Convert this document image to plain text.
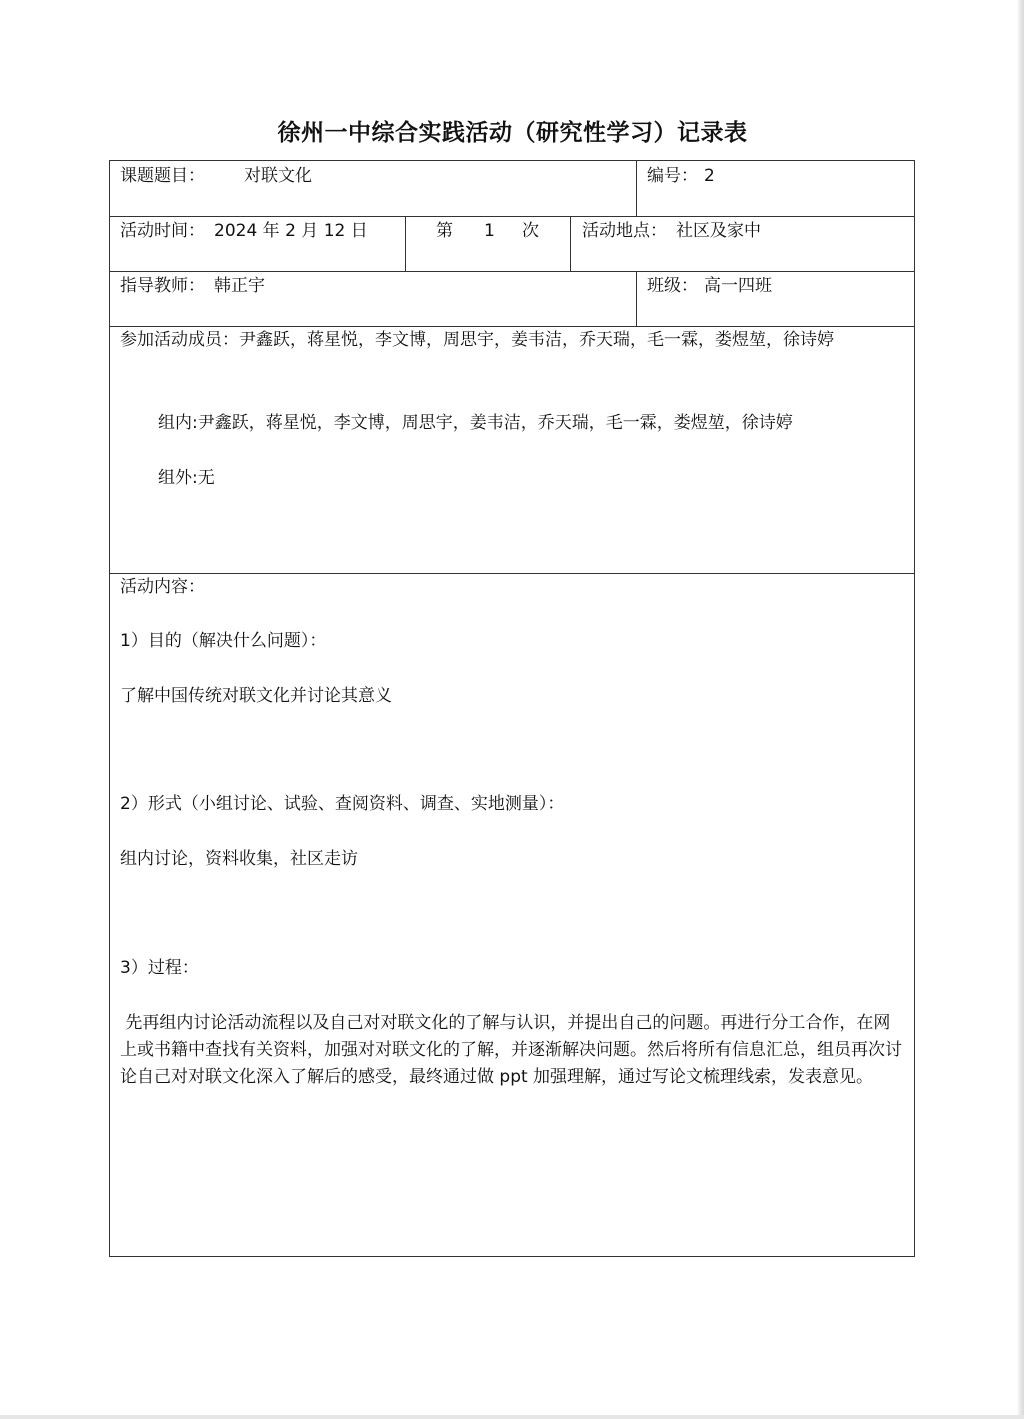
徐州一中综合实践活动（研究性学习）记录表
课题题目： 对联文化	编号： 2
活动时间： 2024 年 2 月 12 日	第 1 次	活动地点： 社区及家中
指导教师： 韩正宇	班级： 高一四班
参加活动成员：尹鑫跃，蒋星悦，李文博，周思宇，姜韦洁，乔天瑞，毛一霖，娄煜堃，徐诗婷
组内:尹鑫跃，蒋星悦，李文博，周思宇，姜韦洁，乔天瑞，毛一霖，娄煜堃，徐诗婷
组外:无
活动内容：
1）目的（解决什么问题）：
了解中国传统对联文化并讨论其意义
2）形式（小组讨论、试验、查阅资料、调查、实地测量）：
组内讨论，资料收集，社区走访
3）过程：
先再组内讨论活动流程以及自己对对联文化的了解与认识，并提出自己的问题。再进行分工合作，在网上或书籍中查找有关资料，加强对对联文化的了解，并逐渐解决问题。然后将所有信息汇总，组员再次讨论自己对对联文化深入了解后的感受，最终通过做 ppt 加强理解，通过写论文梳理线索，发表意见。
